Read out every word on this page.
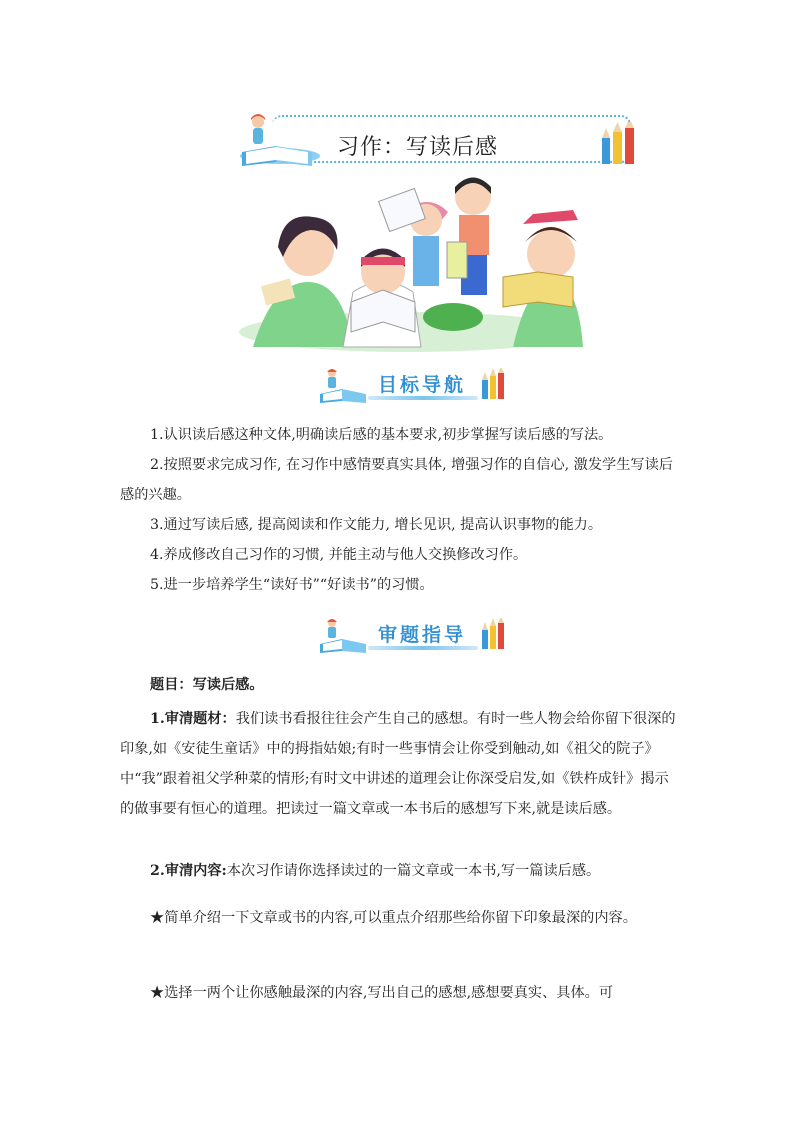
习作：写读后感
目标导航
1.认识读后感这种文体,明确读后感的基本要求,初步掌握写读后感的写法。
2.按照要求完成习作, 在习作中感情要真实具体, 增强习作的自信心, 激发学生写读后感的兴趣。
3.通过写读后感, 提高阅读和作文能力, 增长见识, 提高认识事物的能力。
4.养成修改自己习作的习惯, 并能主动与他人交换修改习作。
5.进一步培养学生“读好书”“好读书”的习惯。
审题指导
题目：写读后感。
1.审清题材：我们读书看报往往会产生自己的感想。有时一些人物会给你留下很深的印象,如《安徒生童话》中的拇指姑娘;有时一些事情会让你受到触动,如《祖父的院子》中“我”跟着祖父学种菜的情形;有时文中讲述的道理会让你深受启发,如《铁杵成针》揭示的做事要有恒心的道理。把读过一篇文章或一本书后的感想写下来,就是读后感。
2.审清内容:本次习作请你选择读过的一篇文章或一本书,写一篇读后感。
★简单介绍一下文章或书的内容,可以重点介绍那些给你留下印象最深的内容。
★选择一两个让你感触最深的内容,写出自己的感想,感想要真实、具体。可
